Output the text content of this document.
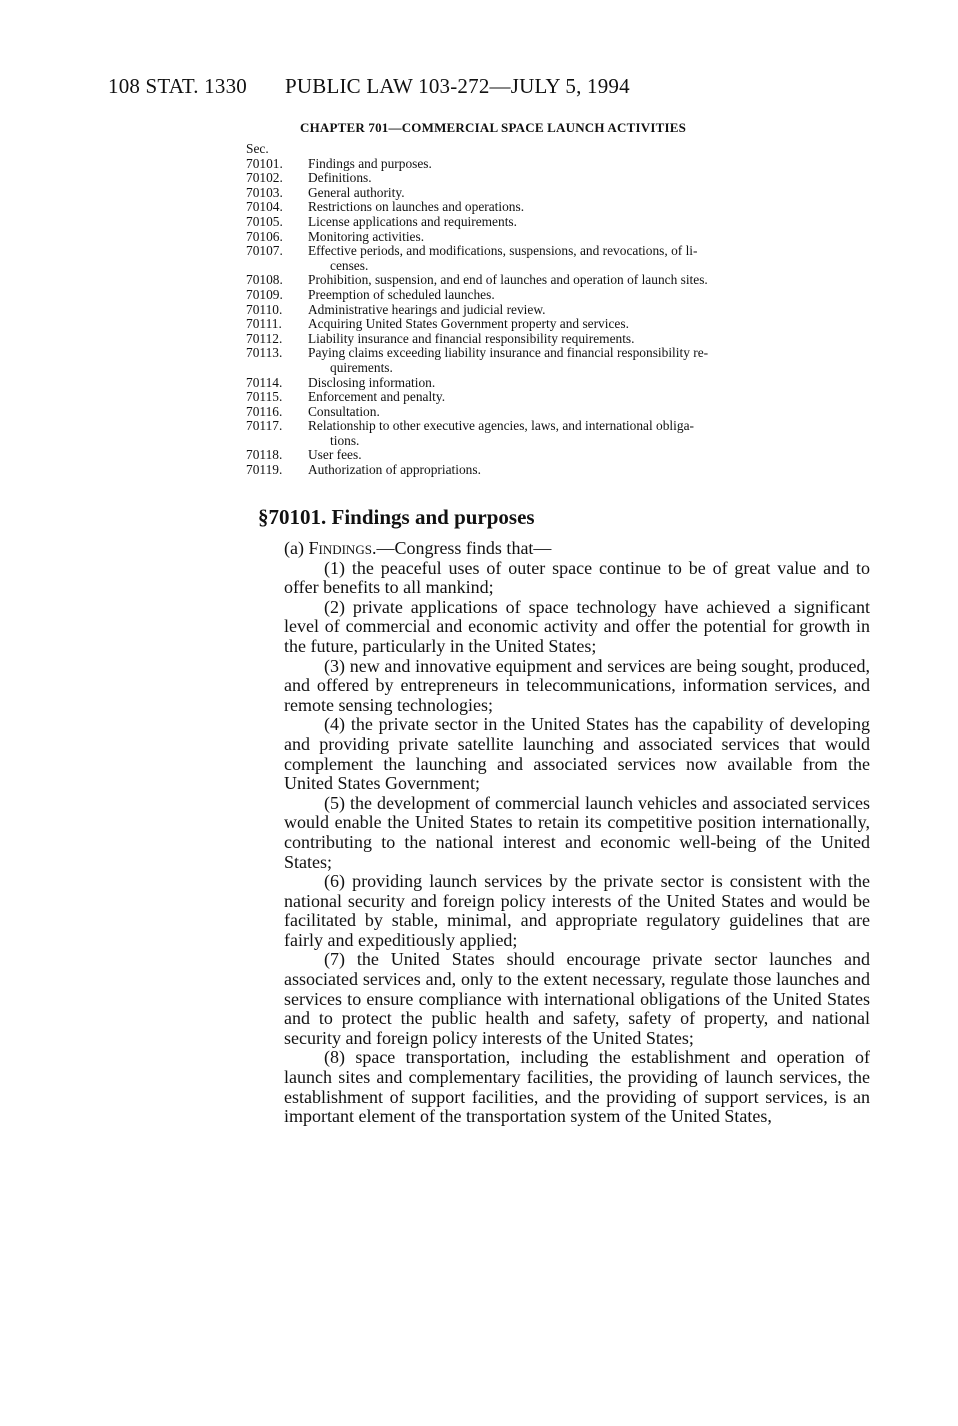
108 STAT. 1330 PUBLIC LAW 103-272—JULY 5, 1994
CHAPTER 701—COMMERCIAL SPACE LAUNCH ACTIVITIES
Sec.
70101.	Findings and purposes.
70102.	Definitions.
70103.	General authority.
70104.	Restrictions on launches and operations.
70105.	License applications and requirements.
70106.	Monitoring activities.
70107.	Effective periods, and modifications, suspensions, and revocations, of li-
censes.
70108.	Prohibition, suspension, and end of launches and operation of launch sites.
70109.	Preemption of scheduled launches.
70110.	Administrative hearings and judicial review.
70111.	Acquiring United States Government property and services.
70112.	Liability insurance and financial responsibility requirements.
70113.	Paying claims exceeding liability insurance and financial responsibility re-
quirements.
70114.	Disclosing information.
70115.	Enforcement and penalty.
70116.	Consultation.
70117.	Relationship to other executive agencies, laws, and international obliga-
tions.
70118.	User fees.
70119.	Authorization of appropriations.
§70101. Findings and purposes

(a) Findings.—Congress finds that—

(1) the peaceful uses of outer space continue to be of great value and to offer benefits to all mankind;

(2) private applications of space technology have achieved a significant level of commercial and economic activity and offer the potential for growth in the future, particularly in the United States;

(3) new and innovative equipment and services are being sought, produced, and offered by entrepreneurs in telecommunications, information services, and remote sensing technologies;

(4) the private sector in the United States has the capability of developing and providing private satellite launching and associated services that would complement the launching and associated services now available from the United States Government;

(5) the development of commercial launch vehicles and associated services would enable the United States to retain its competitive position internationally, contributing to the national interest and economic well-being of the United States;

(6) providing launch services by the private sector is consistent with the national security and foreign policy interests of the United States and would be facilitated by stable, minimal, and appropriate regulatory guidelines that are fairly and expeditiously applied;

(7) the United States should encourage private sector launches and associated services and, only to the extent necessary, regulate those launches and services to ensure compliance with international obligations of the United States and to protect the public health and safety, safety of property, and national security and foreign policy interests of the United States;

(8) space transportation, including the establishment and operation of launch sites and complementary facilities, the providing of launch services, the establishment of support facilities, and the providing of support services, is an important element of the transportation system of the United States,
